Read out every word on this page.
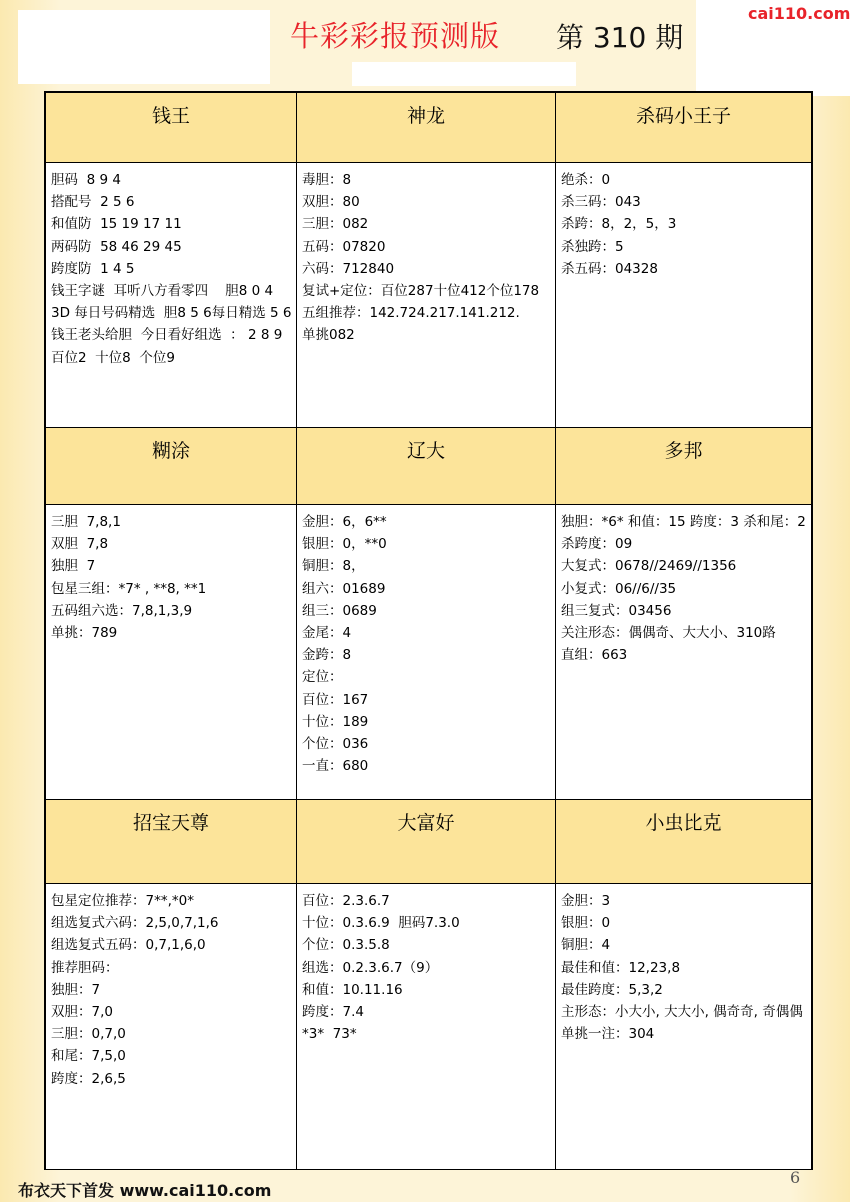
牛彩彩报预测版 第 310 期
cai110.com
钱王
胆码  8 9 4
搭配号  2 5 6
和值防  15 19 17 11
两码防  58 46 29 45
跨度防  1 4 5
钱王字谜  耳听八方看零四    胆8 0 4
3D 每日号码精选  胆8 5 6每日精选 5 6
钱王老头给胆  今日看好组选  ： 2 8 9百位2  十位8  个位9
神龙
毒胆：8
双胆：80
三胆：082
五码：07820
六码：712840
复试+定位：百位287十位412个位178
五组推荐：142.724.217.141.212.
单挑082
杀码小王子
绝杀：0
杀三码：043
杀跨：8，2，5，3
杀独跨：5
杀五码：04328
糊涂
三胆  7,8,1
双胆  7,8
独胆  7
包星三组：*7* , **8, **1
五码组六选：7,8,1,3,9
单挑：789
辽大
金胆：6，6**
银胆：0，**0
铜胆：8，
组六：01689
组三：0689
金尾：4
金跨：8
定位：
百位：167
十位：189
个位：036
一直：680
多邦
独胆：*6* 和值：15 跨度：3 杀和尾：2 杀跨度：09
大复式：0678//2469//1356
小复式：06//6//35
组三复式：03456
关注形态：偶偶奇、大大小、310路
直组：663
招宝天尊
包星定位推荐：7**,*0*
组选复式六码：2,5,0,7,1,6
组选复式五码：0,7,1,6,0
推荐胆码：
独胆：7
双胆：7,0
三胆：0,7,0
和尾：7,5,0
跨度：2,6,5
大富好
百位：2.3.6.7
十位：0.3.6.9  胆码7.3.0
个位：0.3.5.8
组选：0.2.3.6.7（9）
和值：10.11.16
跨度：7.4
*3*  73*
小虫比克
金胆：3
银胆：0
铜胆：4
最佳和值：12,23,8
最佳跨度：5,3,2
主形态：小大小, 大大小, 偶奇奇, 奇偶偶
单挑一注：304
布衣天下首发 www.cai110.com
6
